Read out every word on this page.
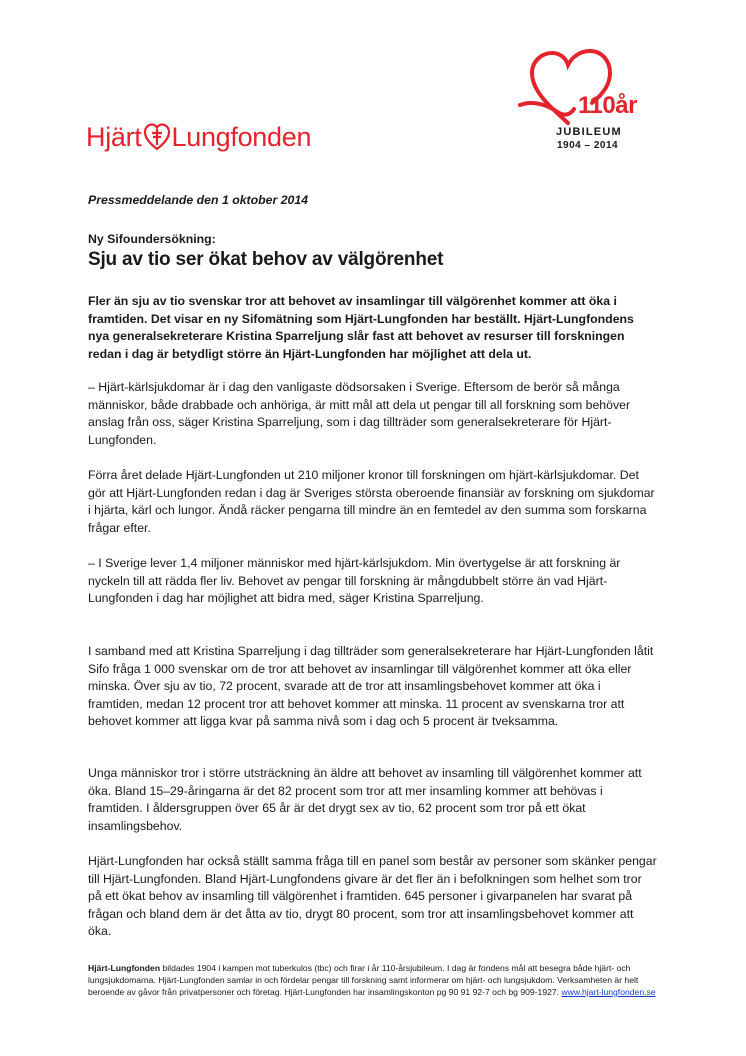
Hjärt Lungfonden
110år
JUBILEUM
1904 – 2014
Pressmeddelande den 1 oktober 2014
Ny Sifoundersökning:
Sju av tio ser ökat behov av välgörenhet

Fler än sju av tio svenskar tror att behovet av insamlingar till välgörenhet kommer att öka i framtiden. Det visar en ny Sifomätning som Hjärt-Lungfonden har beställt. Hjärt-Lungfondens nya generalsekreterare Kristina Sparreljung slår fast att behovet av resurser till forskningen redan i dag är betydligt större än Hjärt-Lungfonden har möjlighet att dela ut.

– Hjärt-kärlsjukdomar är i dag den vanligaste dödsorsaken i Sverige. Eftersom de berör så många människor, både drabbade och anhöriga, är mitt mål att dela ut pengar till all forskning som behöver anslag från oss, säger Kristina Sparreljung, som i dag tillträder som generalsekreterare för Hjärt-Lungfonden.

Förra året delade Hjärt-Lungfonden ut 210 miljoner kronor till forskningen om hjärt-kärlsjukdomar. Det gör att Hjärt-Lungfonden redan i dag är Sveriges största oberoende finansiär av forskning om sjukdomar i hjärta, kärl och lungor. Ändå räcker pengarna till mindre än en femtedel av den summa som forskarna frågar efter.

– I Sverige lever 1,4 miljoner människor med hjärt-kärlsjukdom. Min övertygelse är att forskning är nyckeln till att rädda fler liv. Behovet av pengar till forskning är mångdubbelt större än vad Hjärt-Lungfonden i dag har möjlighet att bidra med, säger Kristina Sparreljung.

I samband med att Kristina Sparreljung i dag tillträder som generalsekreterare har Hjärt-Lungfonden låtit Sifo fråga 1 000 svenskar om de tror att behovet av insamlingar till välgörenhet kommer att öka eller minska. Över sju av tio, 72 procent, svarade att de tror att insamlingsbehovet kommer att öka i framtiden, medan 12 procent tror att behovet kommer att minska. 11 procent av svenskarna tror att behovet kommer att ligga kvar på samma nivå som i dag och 5 procent är tveksamma.

Unga människor tror i större utsträckning än äldre att behovet av insamling till välgörenhet kommer att öka. Bland 15–29-åringarna är det 82 procent som tror att mer insamling kommer att behövas i framtiden. I åldersgruppen över 65 år är det drygt sex av tio, 62 procent som tror på ett ökat insamlingsbehov.

Hjärt-Lungfonden har också ställt samma fråga till en panel som består av personer som skänker pengar till Hjärt-Lungfonden. Bland Hjärt-Lungfondens givare är det fler än i befolkningen som helhet som tror på ett ökat behov av insamling till välgörenhet i framtiden. 645 personer i givarpanelen har svarat på frågan och bland dem är det åtta av tio, drygt 80 procent, som tror att insamlingsbehovet kommer att öka.

Hjärt-Lungfonden bildades 1904 i kampen mot tuberkulos (tbc) och firar i år 110-årsjubileum. I dag är fondens mål att besegra både hjärt- och lungsjukdomarna. Hjärt-Lungfonden samlar in och fördelar pengar till forskning samt informerar om hjärt- och lungsjukdom. Verksamheten är helt beroende av gåvor från privatpersoner och företag. Hjärt-Lungfonden har insamlingskonton pg 90 91 92-7 och bg 909-1927. www.hjart-lungfonden.se
